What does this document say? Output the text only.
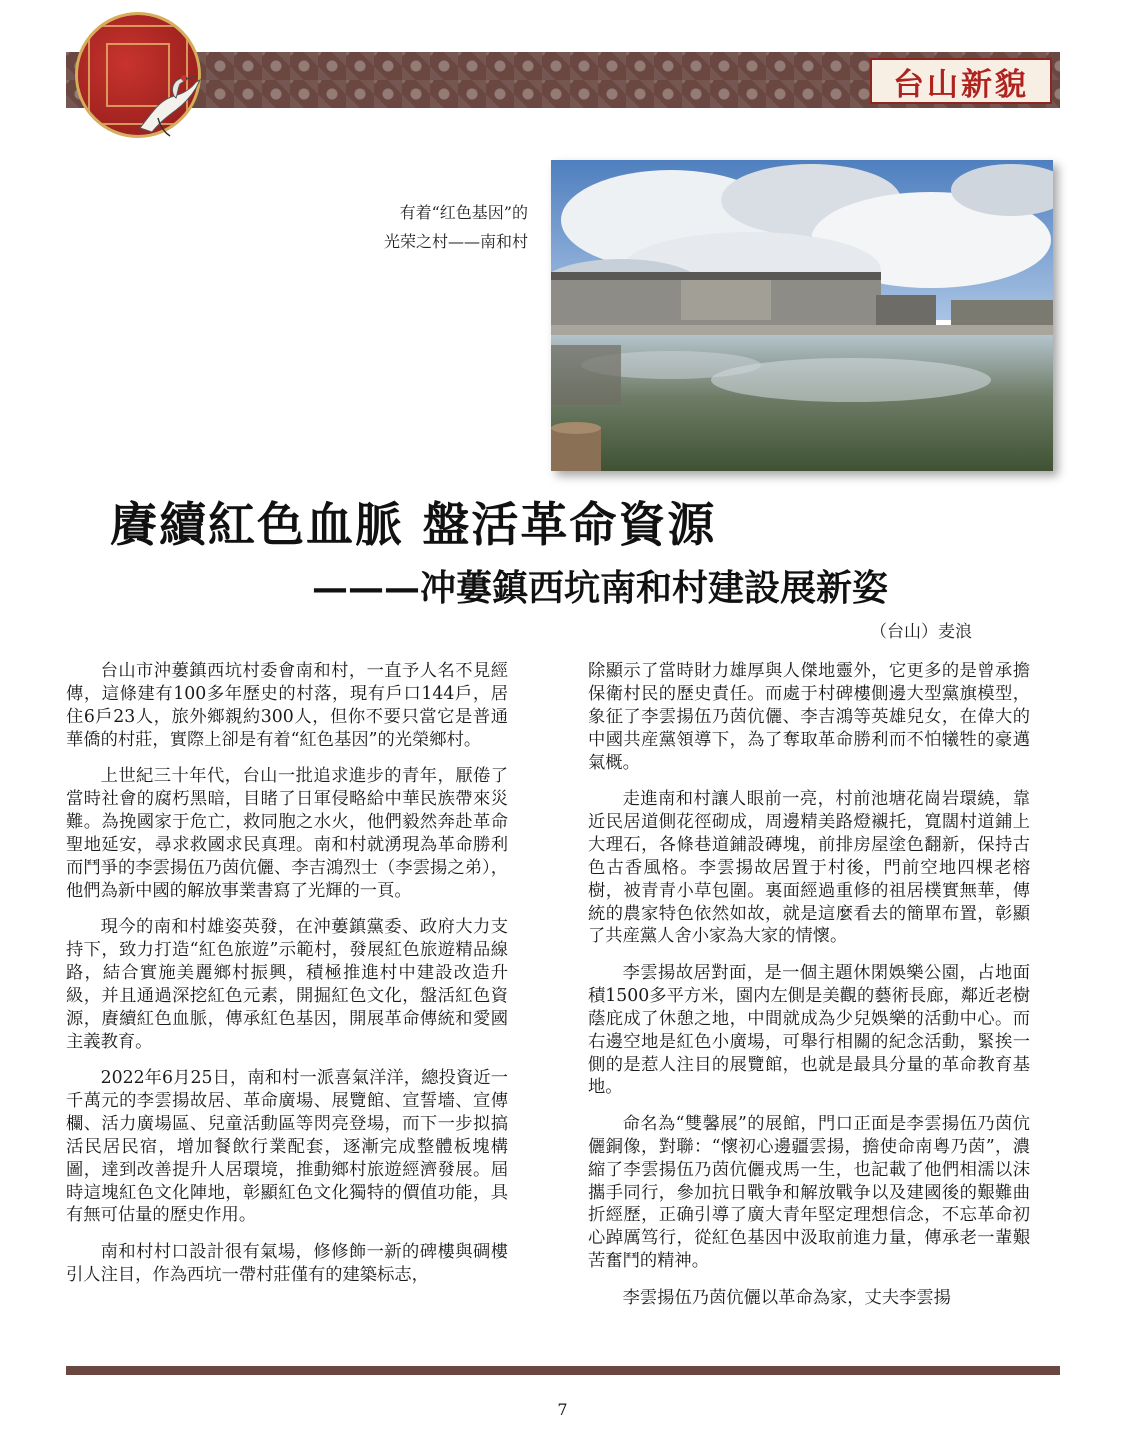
台山新貌
有着“红色基因”的
光荣之村——南和村
賡續紅色血脈 盤活革命資源
———冲蔞鎮西坑南和村建設展新姿
（台山）麦浪

台山市沖蔞鎮西坑村委會南和村，一直予人名不見經傳，這條建有100多年歷史的村落，現有戶口144戶，居住6戶23人，旅外鄉親約300人，但你不要只當它是普通華僑的村莊，實際上卻是有着“紅色基因”的光榮鄉村。

上世紀三十年代，台山一批追求進步的青年，厭倦了當時社會的腐朽黑暗，目睹了日軍侵略給中華民族帶來災難。為挽國家于危亡，救同胞之水火，他們毅然奔赴革命聖地延安，尋求救國求民真理。南和村就湧現為革命勝利而鬥爭的李雲揚伍乃茵伉儷、李吉鴻烈士（李雲揚之弟），他們為新中國的解放事業書寫了光輝的一頁。

現今的南和村雄姿英發，在沖蔞鎮黨委、政府大力支持下，致力打造“紅色旅遊”示範村，發展紅色旅遊精品線路，結合實施美麗鄉村振興，積極推進村中建設改造升級，并且通過深挖紅色元素，開掘紅色文化，盤活紅色資源，賡續紅色血脈，傳承紅色基因，開展革命傳統和愛國主義教育。

2022年6月25日，南和村一派喜氣洋洋，總投資近一千萬元的李雲揚故居、革命廣場、展覽館、宣誓墻、宣傳欄、活力廣場區、兒童活動區等閃亮登場，而下一步拟搞活民居民宿，增加餐飲行業配套，逐漸完成整體板塊構圖，達到改善提升人居環境，推動鄉村旅遊經濟發展。屆時這塊紅色文化陣地，彰顯紅色文化獨特的價值功能，具有無可估量的歷史作用。

南和村村口設計很有氣場，修修飾一新的碑樓與碉樓引人注目，作為西坑一帶村莊僅有的建築标志，

除顯示了當時財力雄厚與人傑地靈外，它更多的是曾承擔保衛村民的歷史責任。而處于村碑樓側邊大型黨旗模型，象征了李雲揚伍乃茵伉儷、李吉鴻等英雄兒女，在偉大的中國共産黨領導下，為了奪取革命勝利而不怕犧牲的豪邁氣概。

走進南和村讓人眼前一亮，村前池塘花崗岩環繞，靠近民居道側花徑砌成，周邊精美路燈襯托，寬闊村道鋪上大理石，各條巷道鋪設磚塊，前排房屋塗色翻新，保持古色古香風格。李雲揚故居置于村後，門前空地四棵老榕樹，被青青小草包圍。裏面經過重修的祖居樸實無華，傳統的農家特色依然如故，就是這麼看去的簡單布置，彰顯了共産黨人舍小家為大家的情懷。

李雲揚故居對面，是一個主題休閑娛樂公園，占地面積1500多平方米，園内左側是美觀的藝術長廊，鄰近老樹蔭庇成了休憩之地，中間就成為少兒娛樂的活動中心。而右邊空地是紅色小廣場，可舉行相關的紀念活動，緊挨一側的是惹人注目的展覽館，也就是最具分量的革命教育基地。

命名為“雙馨展”的展館，門口正面是李雲揚伍乃茵伉儷銅像，對聯：“懷初心邊疆雲揚，擔使命南粵乃茵”，濃縮了李雲揚伍乃茵伉儷戎馬一生，也記載了他們相濡以沫攜手同行，參加抗日戰争和解放戰争以及建國後的艱難曲折經歷，正确引導了廣大青年堅定理想信念，不忘革命初心踔厲笃行，從紅色基因中汲取前進力量，傳承老一輩艱苦奮鬥的精神。

李雲揚伍乃茵伉儷以革命為家，丈夫李雲揚

7
